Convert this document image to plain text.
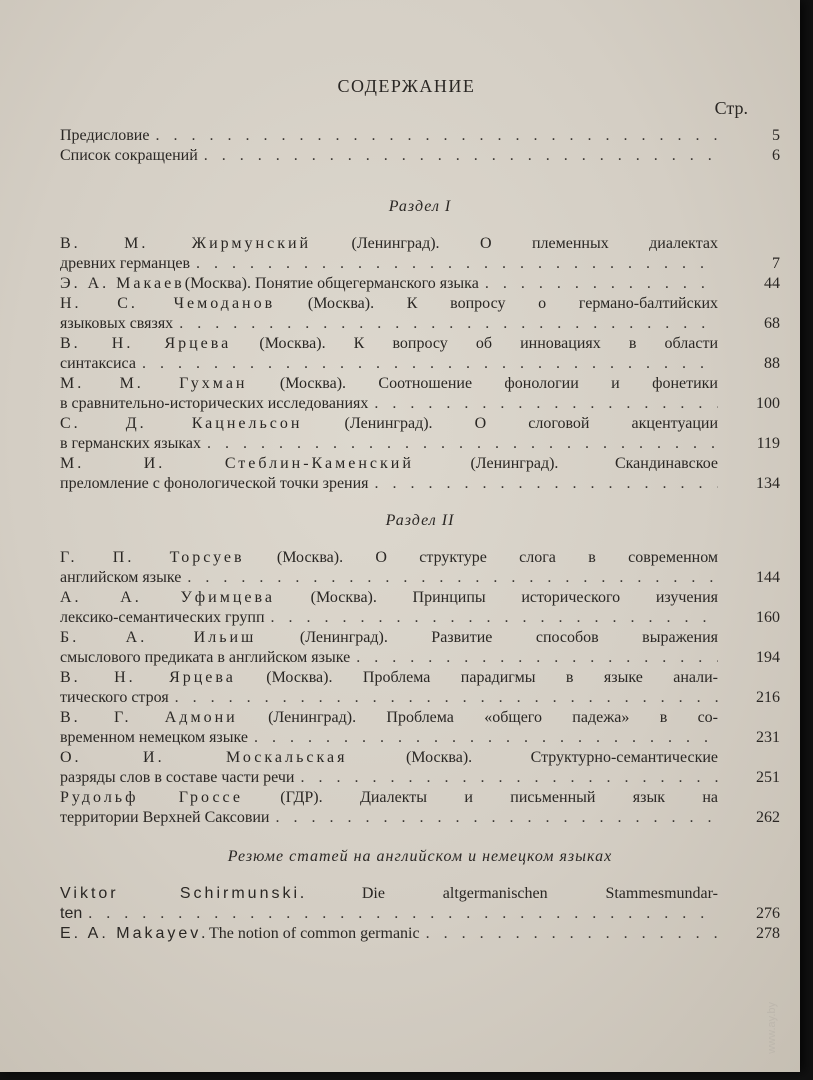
СОДЕРЖАНИЕ
Стр.
Предисловие . . .	5
Список сокращений . . .	6
Раздел I
В. М. Жирмунский	(Ленинград). О племенных диалектах
древних германцев . . .	7
Э. А. Макаев (Москва). Понятие общегерманского языка . . .	44
Н. С. Чемоданов (Москва). К вопросу о германо-балтийских
языковых связях . . .	68
В. Н. Ярцева (Москва). К вопросу об инновациях в области
синтаксиса . . .	88
М. М. Гухман (Москва). Соотношение фонологии и фонетики
в сравнительно-исторических исследованиях . . .	100
С. Д. Кацнельсон	(Ленинград). О слоговой акцентуации
в германских языках . . .	119
М. И. Стеблин-Каменский	(Ленинград). Скандинавское
преломление с фонологической точки зрения . . .	134
Раздел II
Г. П. Торсуев (Москва). О структуре слога в современном
английском языке . . .	144
А. А. Уфимцева (Москва). Принципы исторического изучения
лексико-семантических групп . . .	160
Б. А. Ильиш	(Ленинград). Развитие способов выражения
смыслового предиката в английском языке . . .	194
В. Н. Ярцева (Москва). Проблема парадигмы в языке анали-
тического строя . . .	216
В. Г. Адмони (Ленинград). Проблема «общего падежа» в со-
временном немецком языке . . .	231
О. И. Москальская	(Москва). Структурно-семантические
разряды слов в составе части речи . . .	251
Рудольф Гроссе (ГДР). Диалекты и письменный язык на
территории Верхней Саксовии . . .	262
Резюме статей на английском и немецком языках
Viktor Schirmunski. Die altgermanischen Stammesmundar-
ten . . .	276
E. A. Makayev . The notion of common germanic . . .	278
www.ay.by
